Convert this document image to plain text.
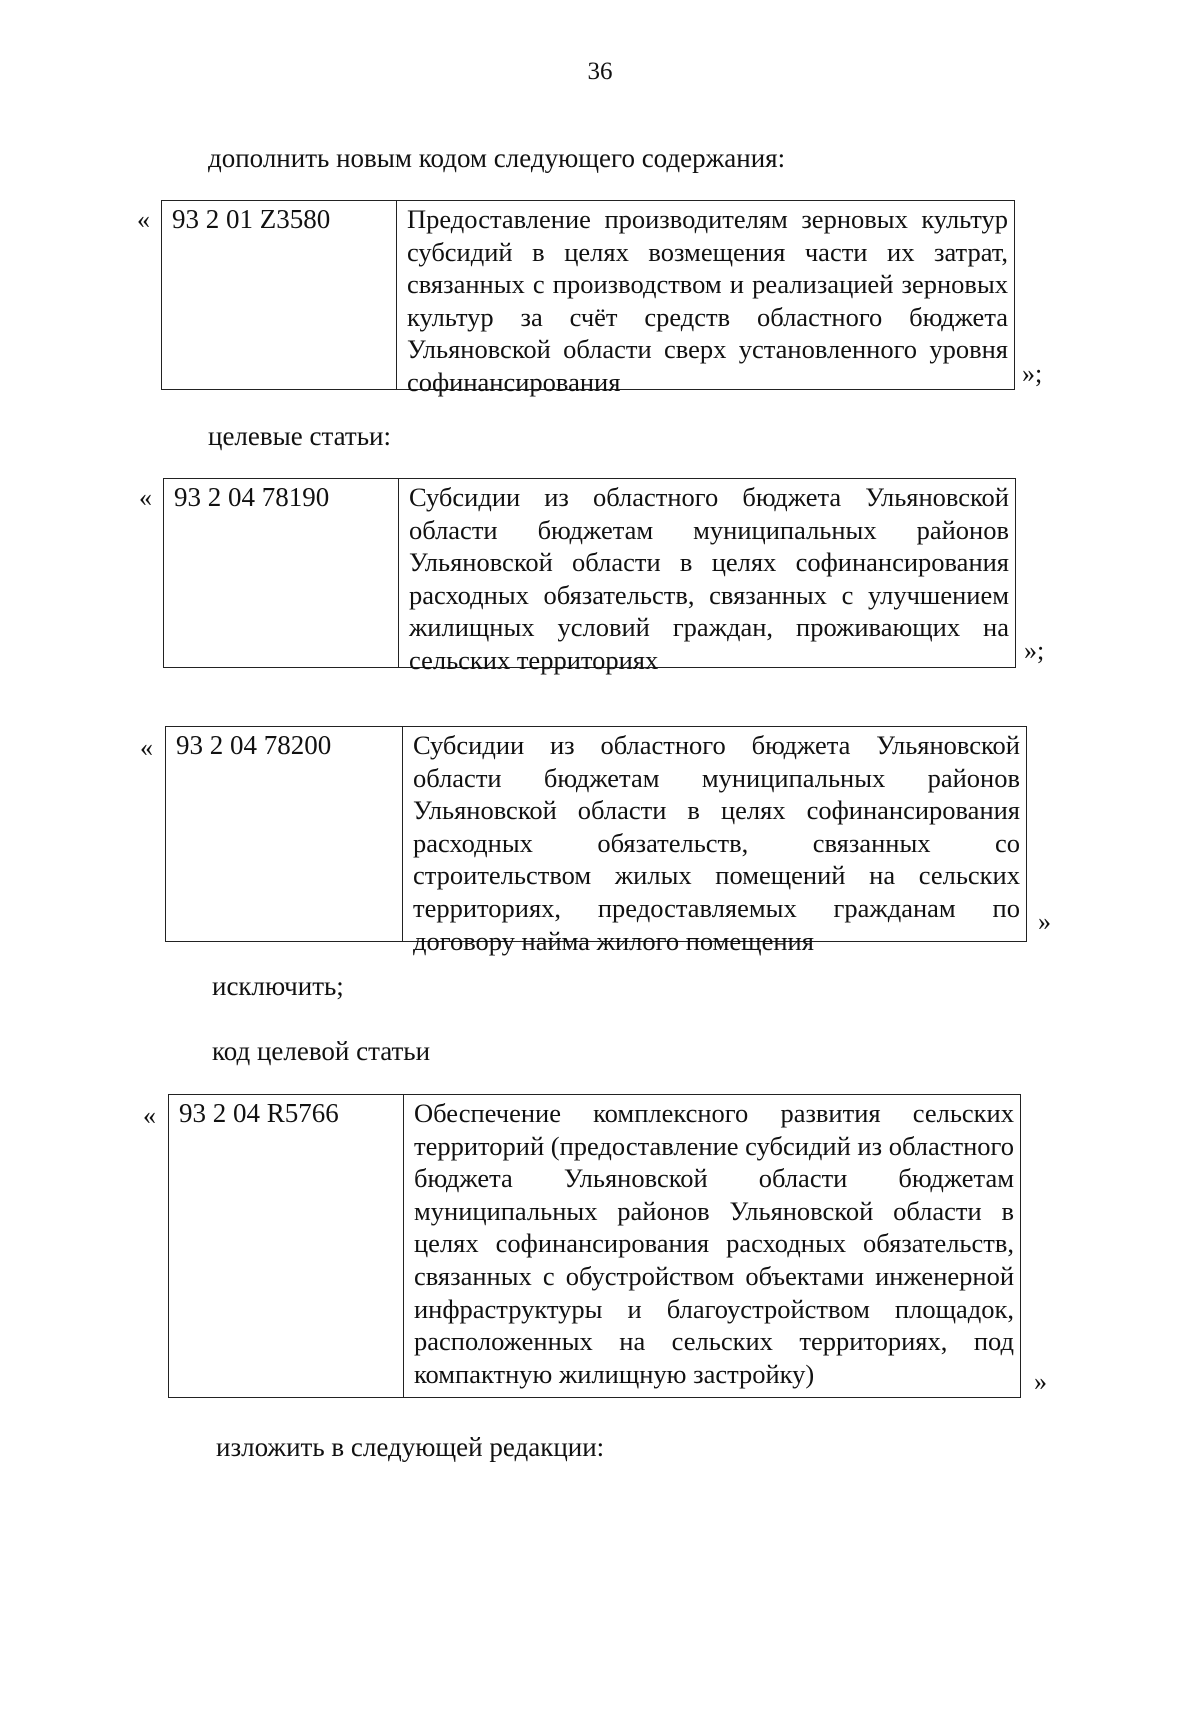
36
дополнить новым кодом следующего содержания:
« 93 2 01 Z3580	Предоставление производителям зерновых культур субсидий в целях возмещения части их затрат, связанных с производством и реализацией зерновых культур за счёт средств областного бюджета Ульяновской области сверх установленного уровня софинансирования	»;
целевые статьи:
« 93 2 04 78190	Субсидии из областного бюджета Ульяновской области бюджетам муниципальных районов Ульяновской области в целях софинансирования расходных обязательств, связанных с улучшением жилищных условий граждан, проживающих на сельских территориях	»;
« 93 2 04 78200	Субсидии из областного бюджета Ульяновской области бюджетам муниципальных районов Ульяновской области в целях софинансирования расходных обязательств, связанных со строительством жилых помещений на сельских территориях, предоставляемых гражданам по договору найма жилого помещения
»
исключить;
код целевой статьи
« 93 2 04 R5766	Обеспечение комплексного развития сельских территорий (предоставление субсидий из областного бюджета Ульяновской области бюджетам муниципальных районов Ульяновской области в целях софинансирования расходных обязательств, связанных с обустройством объектами инженерной инфраструктуры и благоустройством площадок, расположенных на сельских территориях, под компактную жилищную застройку)	»
изложить в следующей редакции:
